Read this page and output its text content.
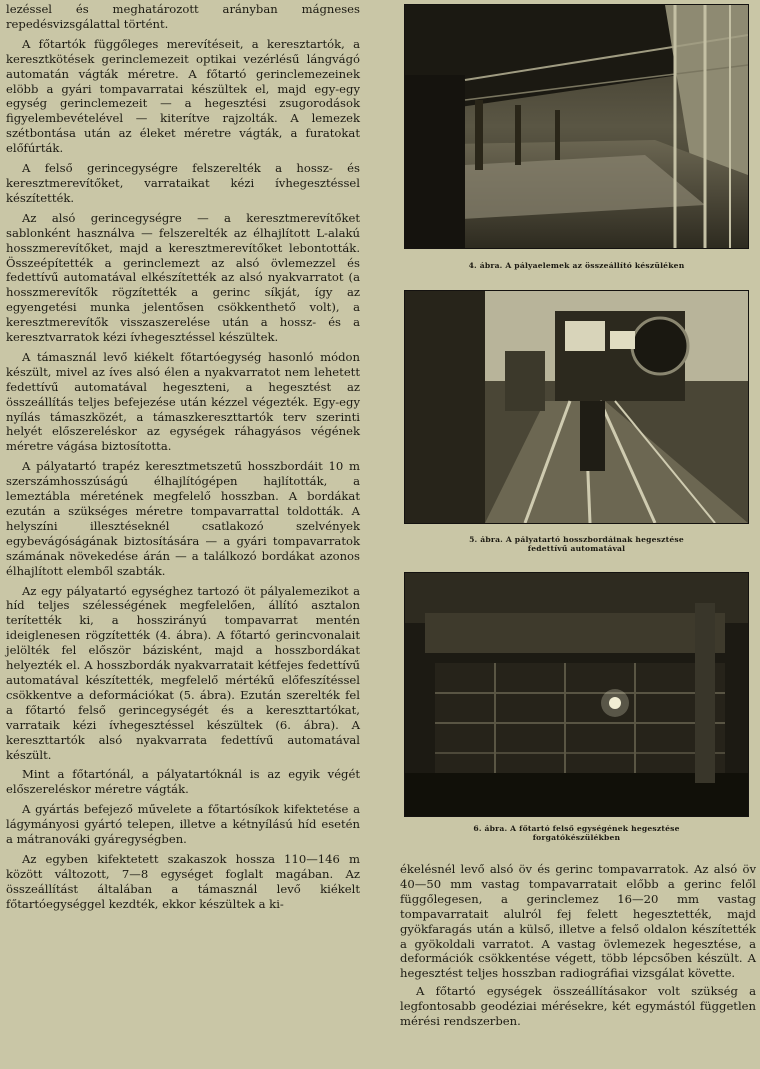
lezéssel és meghatározott arányban mágneses repedésvizsgálattal történt.

A főtartók függőleges merevítéseit, a keresztartók, a keresztkötések gerinclemezeit optikai vezérlésű lángvágó automatán vágták méretre. A főtartó gerinclemezeinek elöbb a gyári tompavarratai készültek el, majd egy-egy egység gerinclemezeit — a hegesztési zsugorodások figyelembevételével — kiterítve rajzolták. A lemezek szétbontása után az éleket méretre vágták, a furatokat előfúrták.

A felső gerincegységre felszerelték a hossz- és keresztmerevítőket, varrataikat kézi ívhegesztéssel készítették.

Az alsó gerincegységre — a keresztmerevítőket sablonként használva — felszerelték az élhajlított L-alakú hosszmerevítőket, majd a keresztmerevítőket lebontották. Összeépítették a gerinclemezt az alsó övlemezzel és fedettívű automatával elkészítették az alsó nyakvarratot (a hosszmerevítők rögzítették a gerinc síkját, így az egyengetési munka jelentősen csökkenthető volt), a keresztmerevítők visszaszerelése után a hossz- és a keresztvarratok kézi ívhegesztéssel készültek.

A támasznál levő kiékelt főtartóegység hasonló módon készült, mivel az íves alsó élen a nyakvarratot nem lehetett fedettívű automatával hegeszteni, a hegesztést az összeállítás teljes befejezése után kézzel végezték. Egy-egy nyílás támaszközét, a támaszkereszttartók terv szerinti helyét előszereléskor az egységek ráhagyásos végének méretre vágása biztosította.

A pályatartó trapéz keresztmetszetű hosszbordáit 10 m szerszámhosszúságú élhajlítógépen hajlították, a lemeztábla méretének megfelelő hosszban. A bordákat ezután a szükséges méretre tompavarrattal toldották. A helyszíni illesztéseknél csatlakozó szelvények egybevágóságának biztosítására — a gyári tompavarratok számának növekedése árán — a találkozó bordákat azonos élhajlított elemből szabták.

Az egy pályatartó egységhez tartozó öt pályalemezikot a híd teljes szélességének megfelelően, állító asztalon terítették ki, a hosszirányú tompavarrat mentén ideiglenesen rögzítették (4. ábra). A főtartó gerincvonalait jelölték fel először bázisként, majd a hosszbordákat helyezték el. A hosszbordák nyakvarratait kétfejes fedettívű automatával készítették, megfelelő mértékű előfeszítéssel csökkentve a deformációkat (5. ábra). Ezután szerelték fel a főtartó felső gerincegységét és a kereszttartókat, varrataik kézi ívhegesztéssel készültek (6. ábra). A kereszttartók alsó nyakvarrata fedettívű automatával készült.

Mint a főtartónál, a pályatartóknál is az egyik végét előszereléskor méretre vágták.

A gyártás befejező művelete a főtartósíkok kifektetése a lágymányosi gyártó telepen, illetve a kétnyílású híd esetén a mátranováki gyáregységben.

Az egyben kifektetett szakaszok hossza 110—146 m között változott, 7—8 egységet foglalt magában. Az összeállítást általában a támasznál levő kiékelt főtartóegységgel kezdték, ekkor készültek a ki-

4. ábra. A pályaelemek az összeállító készüléken
5. ábra. A pályatartó hosszbordáinak hegesztése
fedettívű automatával
6. ábra. A főtartó felső egységének hegesztése
forgatókészülékben

ékelésnél levő alsó öv és gerinc tompavarratok. Az alsó öv 40—50 mm vastag tompavarratait előbb a gerinc felől függőlegesen, a gerinclemez 16—20 mm vastag tompavarratait alulról fej felett hegesztették, majd gyökfaragás után a külső, illetve a felső oldalon készítették a gyökoldali varratot. A vastag övlemezek hegesztése, a deformációk csökkentése végett, több lépcsőben készült. A hegesztést teljes hosszban radiográfiai vizsgálat követte.

A főtartó egységek összeállításakor volt szükség a legfontosabb geodéziai mérésekre, két egymástól független mérési rendszerben.
